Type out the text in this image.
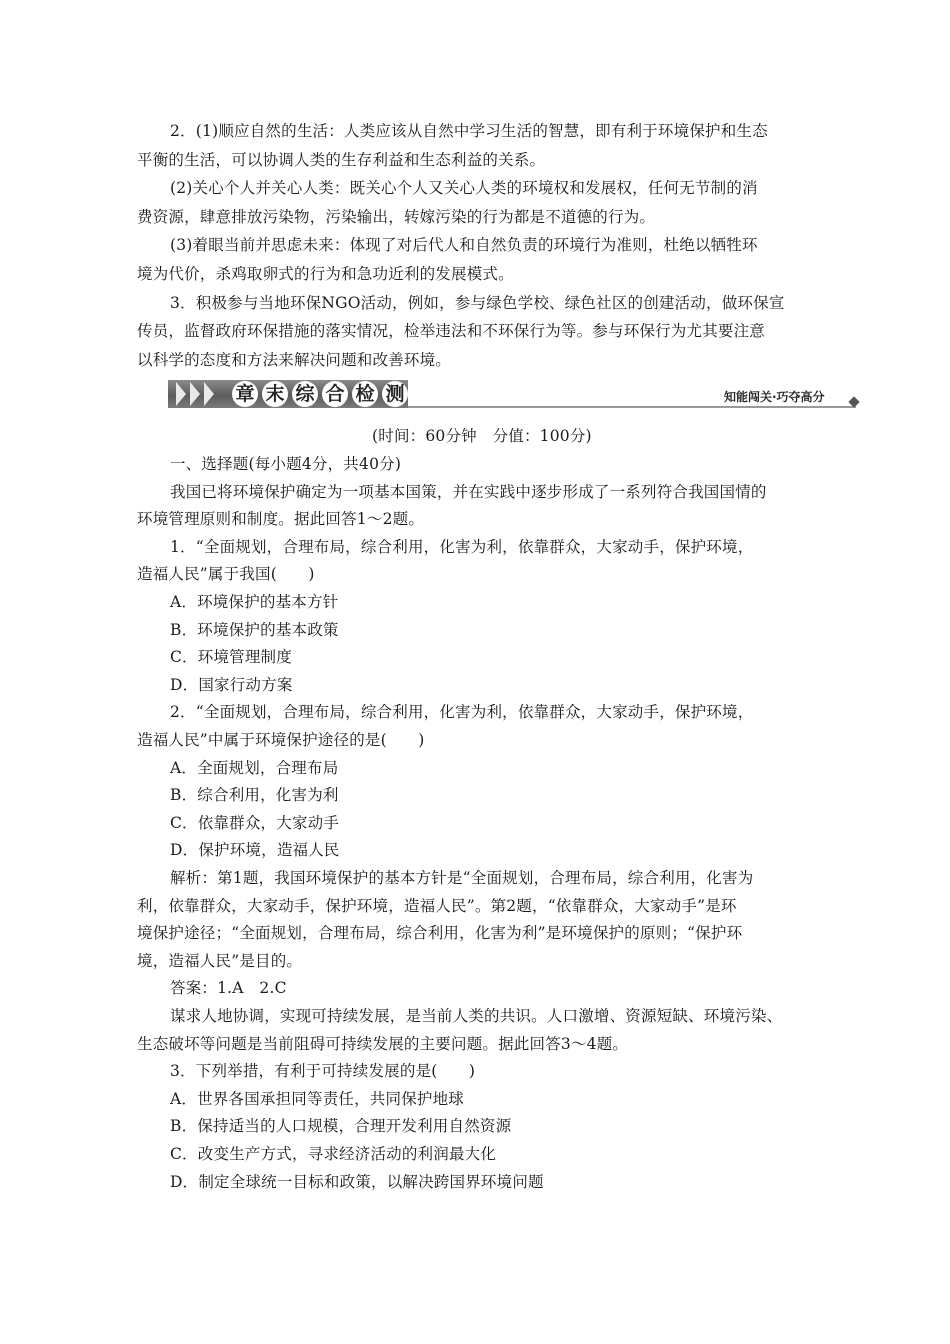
2．(1)顺应自然的生活：人类应该从自然中学习生活的智慧，即有利于环境保护和生态
平衡的生活，可以协调人类的生存利益和生态利益的关系。
(2)关心个人并关心人类：既关心个人又关心人类的环境权和发展权，任何无节制的消
费资源，肆意排放污染物，污染输出，转嫁污染的行为都是不道德的行为。
(3)着眼当前并思虑未来：体现了对后代人和自然负责的环境行为准则，杜绝以牺牲环
境为代价，杀鸡取卵式的行为和急功近利的发展模式。
3．积极参与当地环保NGO活动，例如，参与绿色学校、绿色社区的创建活动，做环保宣
传员，监督政府环保措施的落实情况，检举违法和不环保行为等。参与环保行为尤其要注意
以科学的态度和方法来解决问题和改善环境。
章 末 综 合 检 测	知能闯关·巧夺高分
(时间：60分钟　分值：100分)
一、选择题(每小题4分，共40分)
我国已将环境保护确定为一项基本国策，并在实践中逐步形成了一系列符合我国国情的
环境管理原则和制度。据此回答1～2题。
1．“全面规划，合理布局，综合利用，化害为利，依靠群众，大家动手，保护环境，
造福人民”属于我国(　　)
A．环境保护的基本方针
B．环境保护的基本政策
C．环境管理制度
D．国家行动方案
2．“全面规划，合理布局，综合利用，化害为利，依靠群众，大家动手，保护环境，
造福人民”中属于环境保护途径的是(　　)
A．全面规划，合理布局
B．综合利用，化害为利
C．依靠群众，大家动手
D．保护环境，造福人民
解析：第1题，我国环境保护的基本方针是“全面规划，合理布局，综合利用，化害为
利，依靠群众，大家动手，保护环境，造福人民”。第2题，“依靠群众，大家动手”是环
境保护途径；“全面规划，合理布局，综合利用，化害为利”是环境保护的原则；“保护环
境，造福人民”是目的。
答案：1.A　2.C
谋求人地协调，实现可持续发展，是当前人类的共识。人口激增、资源短缺、环境污染、
生态破坏等问题是当前阻碍可持续发展的主要问题。据此回答3～4题。
3．下列举措，有利于可持续发展的是(　　)
A．世界各国承担同等责任，共同保护地球
B．保持适当的人口规模，合理开发利用自然资源
C．改变生产方式，寻求经济活动的利润最大化
D．制定全球统一目标和政策，以解决跨国界环境问题
